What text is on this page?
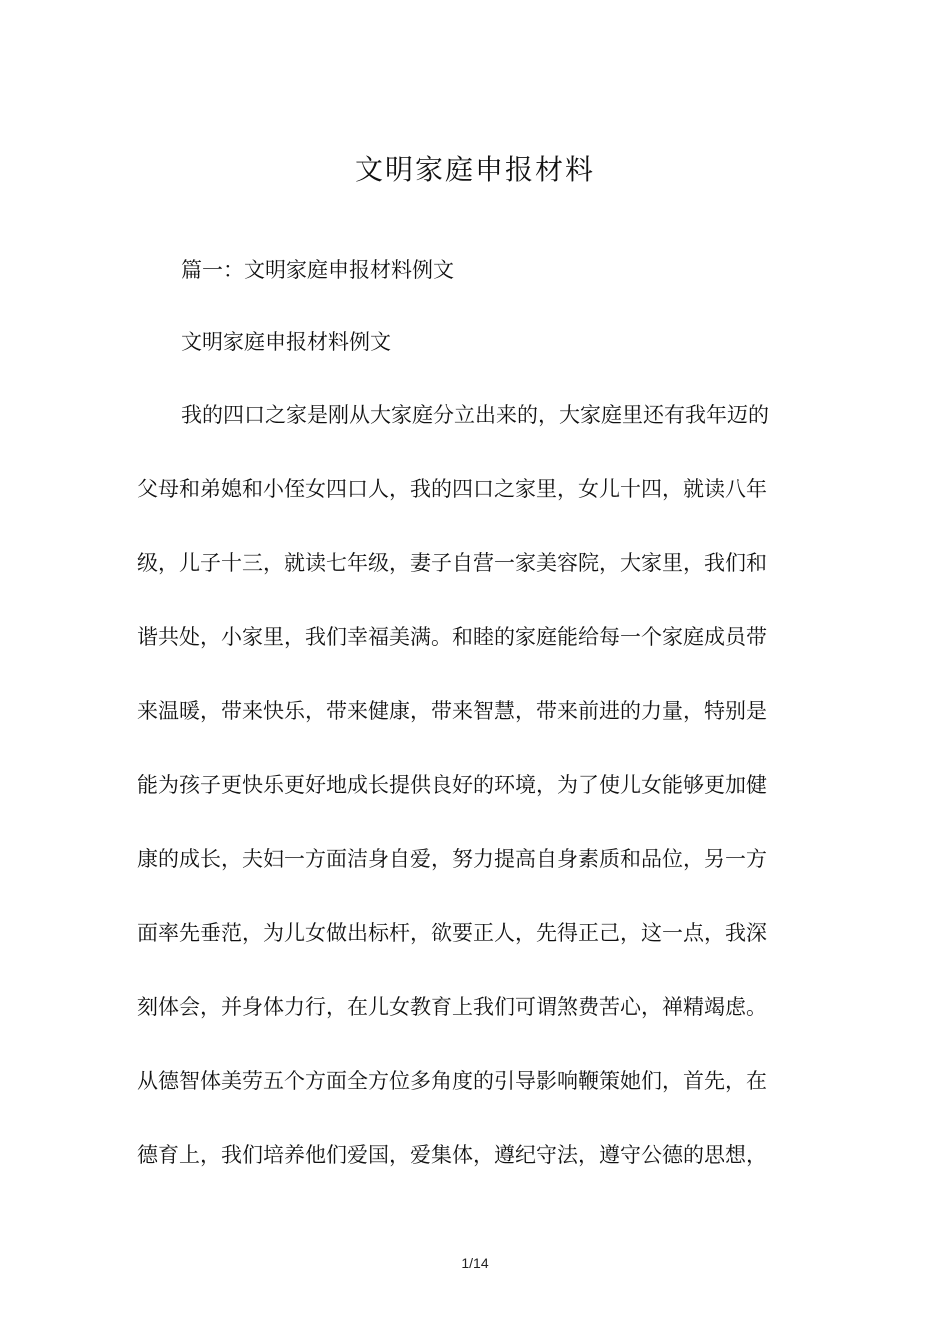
文明家庭申报材料
篇一：文明家庭申报材料例文
文明家庭申报材料例文
我的四口之家是刚从大家庭分立出来的，大家庭里还有我年迈的
父母和弟媳和小侄女四口人，我的四口之家里，女儿十四，就读八年
级，儿子十三，就读七年级，妻子自营一家美容院，大家里，我们和
谐共处，小家里，我们幸福美满。和睦的家庭能给每一个家庭成员带
来温暖，带来快乐，带来健康，带来智慧，带来前进的力量，特别是
能为孩子更快乐更好地成长提供良好的环境，为了使儿女能够更加健
康的成长，夫妇一方面洁身自爱，努力提高自身素质和品位，另一方
面率先垂范，为儿女做出标杆，欲要正人，先得正己，这一点，我深
刻体会，并身体力行，在儿女教育上我们可谓煞费苦心，禅精竭虑。
从德智体美劳五个方面全方位多角度的引导影响鞭策她们，首先，在
德育上，我们培养他们爱国，爱集体，遵纪守法，遵守公德的思想，
1/14
